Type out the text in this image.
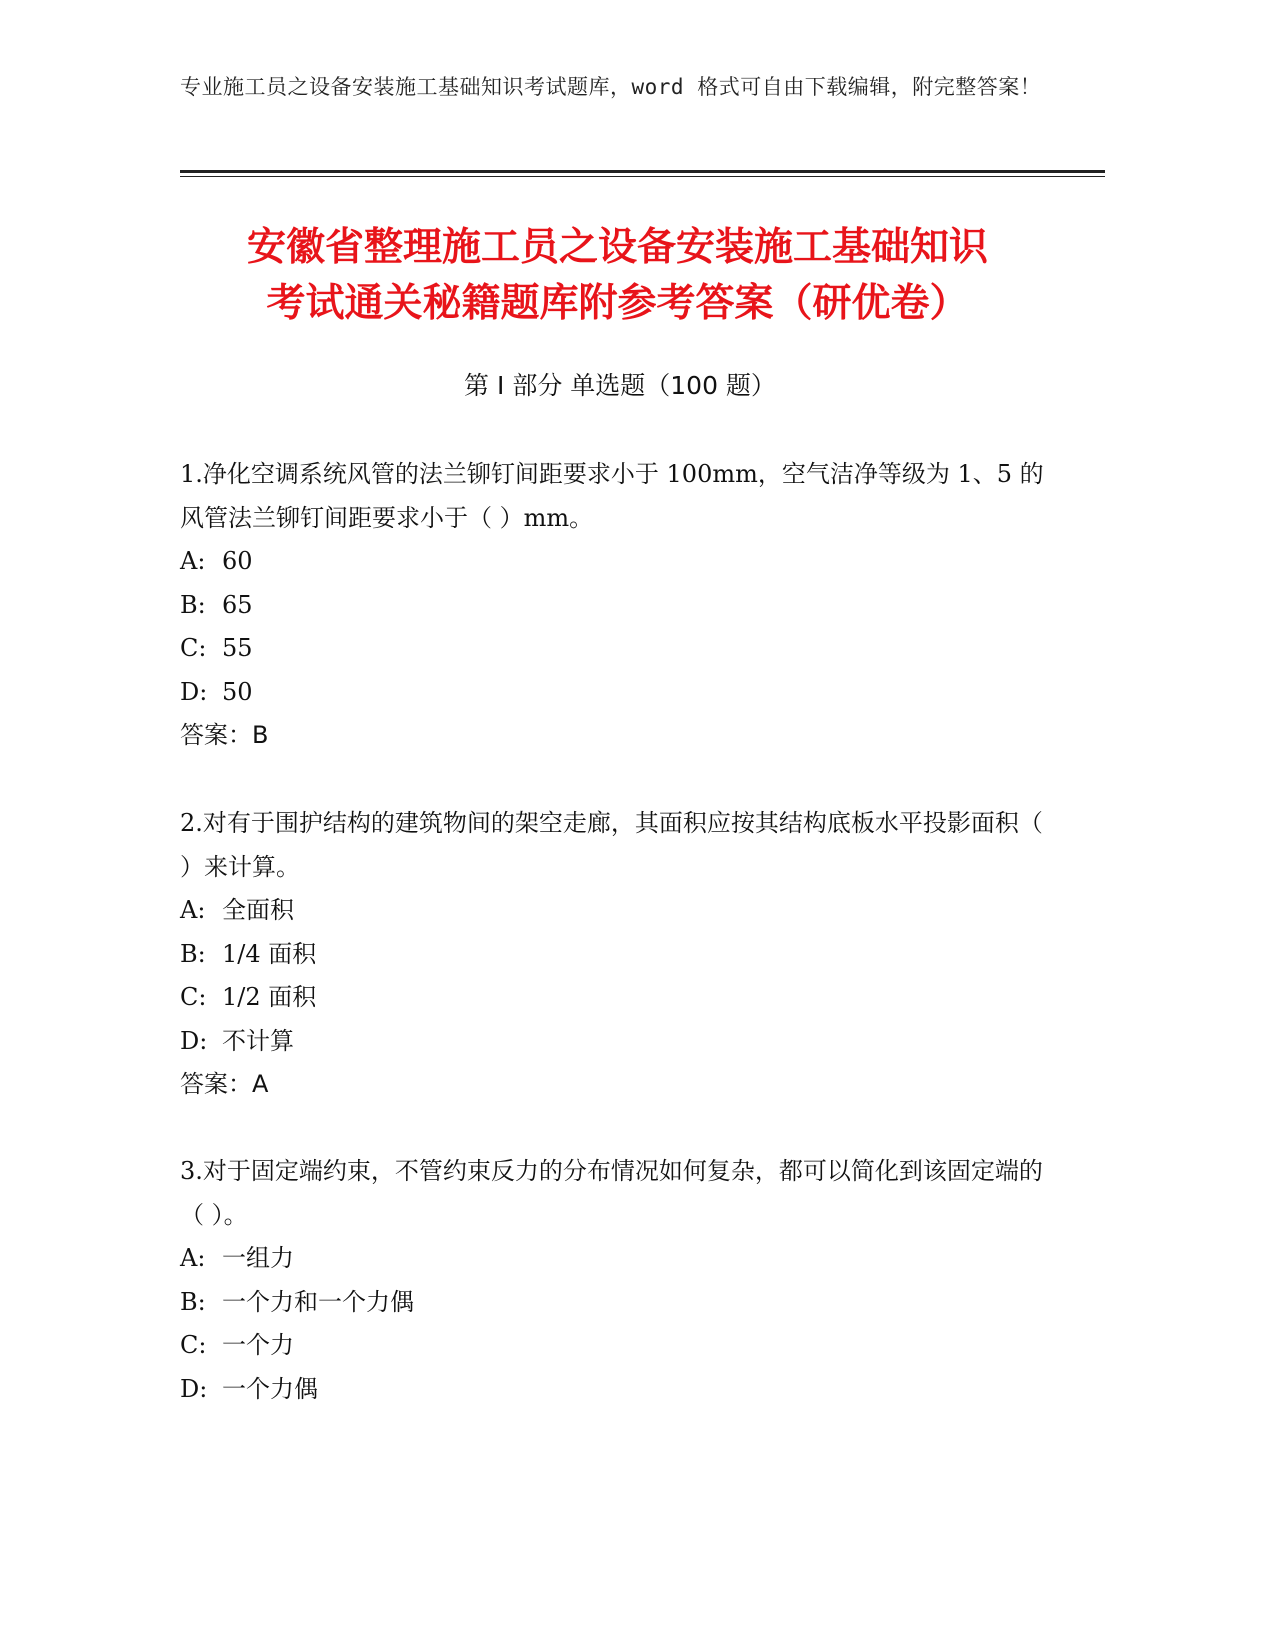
专业施工员之设备安装施工基础知识考试题库，word 格式可自由下载编辑，附完整答案！
安徽省整理施工员之设备安装施工基础知识
考试通关秘籍题库附参考答案（研优卷）
第 I 部分 单选题（100 题）

1.净化空调系统风管的法兰铆钉间距要求小于 100mm，空气洁净等级为 1、5 的风管法兰铆钉间距要求小于（ ）mm。

A: 60

B: 65

C: 55

D: 50

答案：B

2.对有于围护结构的建筑物间的架空走廊，其面积应按其结构底板水平投影面积（ ）来计算。

A: 全面积

B: 1/4 面积

C: 1/2 面积

D: 不计算

答案：A

3.对于固定端约束，不管约束反力的分布情况如何复杂，都可以简化到该固定端的（ ）。

A: 一组力

B: 一个力和一个力偶

C: 一个力

D: 一个力偶
